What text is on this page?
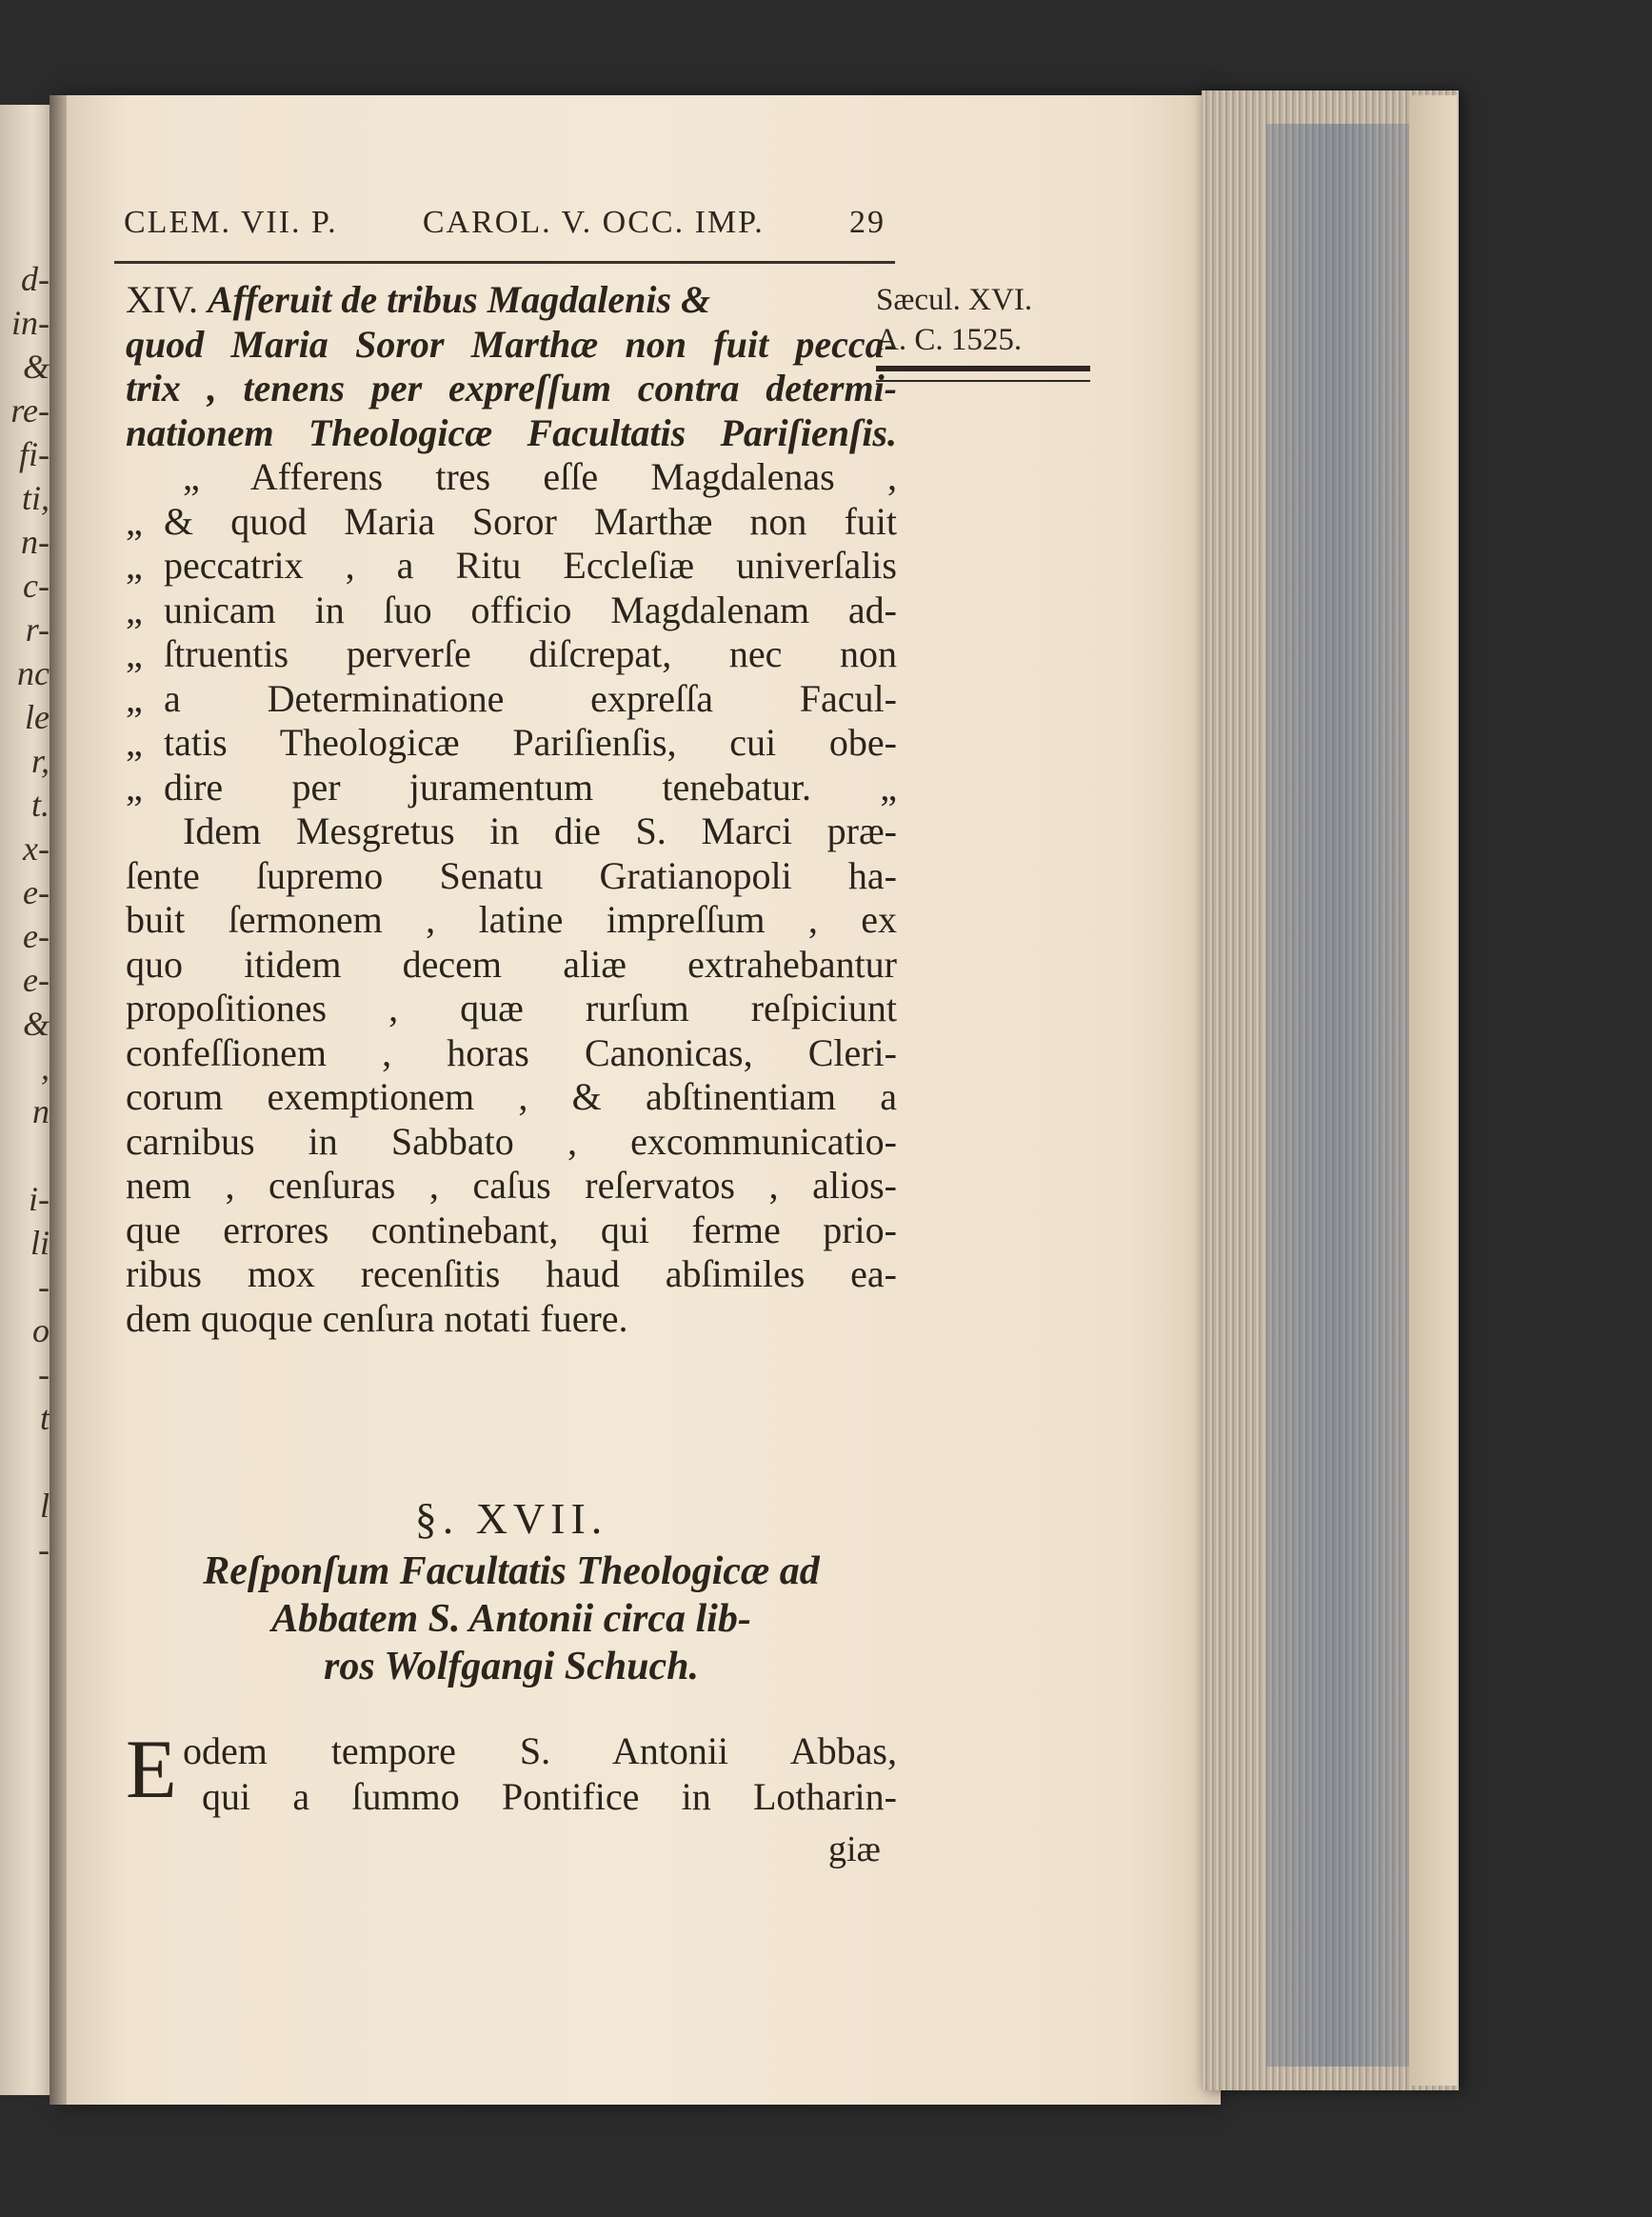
d-
in-
&
re-
fi-
ti,
n-
c-
r-
nc
le
r,
t.
x-
e-
e-
e-
&
,
n
i-
li
-
o
-
t
l
-
CLEM. VII. P.	CAROL. V. OCC. IMP.	29
Sæcul. XVI.
A. C. 1525.
XIV. Afferuit de tribus Magdalenis &
quod Maria Soror Marthæ non fuit pecca-
trix , tenens per expreſſum contra determi-
nationem Theologicæ Facultatis Pariſienſis.
„ Afferens tres eſſe Magdalenas ,
„ & quod Maria Soror Marthæ non fuit
„ peccatrix , a Ritu Eccleſiæ univerſalis
„ unicam in ſuo officio Magdalenam ad-
„ ſtruentis perverſe diſcrepat, nec non
„ a Determinatione expreſſa Facul-
„ tatis Theologicæ Pariſienſis, cui obe-
„ dire per juramentum tenebatur. „
Idem Mesgretus in die S. Marci præ-
ſente ſupremo Senatu Gratianopoli ha-
buit ſermonem , latine impreſſum , ex
quo itidem decem aliæ extrahebantur
propoſitiones , quæ rurſum reſpiciunt
confeſſionem , horas Canonicas, Cleri-
corum exemptionem , & abſtinentiam a
carnibus in Sabbato , excommunicatio-
nem , cenſuras , caſus reſervatos , alios-
que errores continebant, qui ferme prio-
ribus mox recenſitis haud abſimiles ea-
dem quoque cenſura notati fuere.
§. XVII.
Reſponſum Facultatis Theologicæ ad
Abbatem S. Antonii circa lib-
ros Wolfgangi Schuch.
E odem tempore S. Antonii Abbas,
qui a ſummo Pontifice in Lotharin-
giæ
